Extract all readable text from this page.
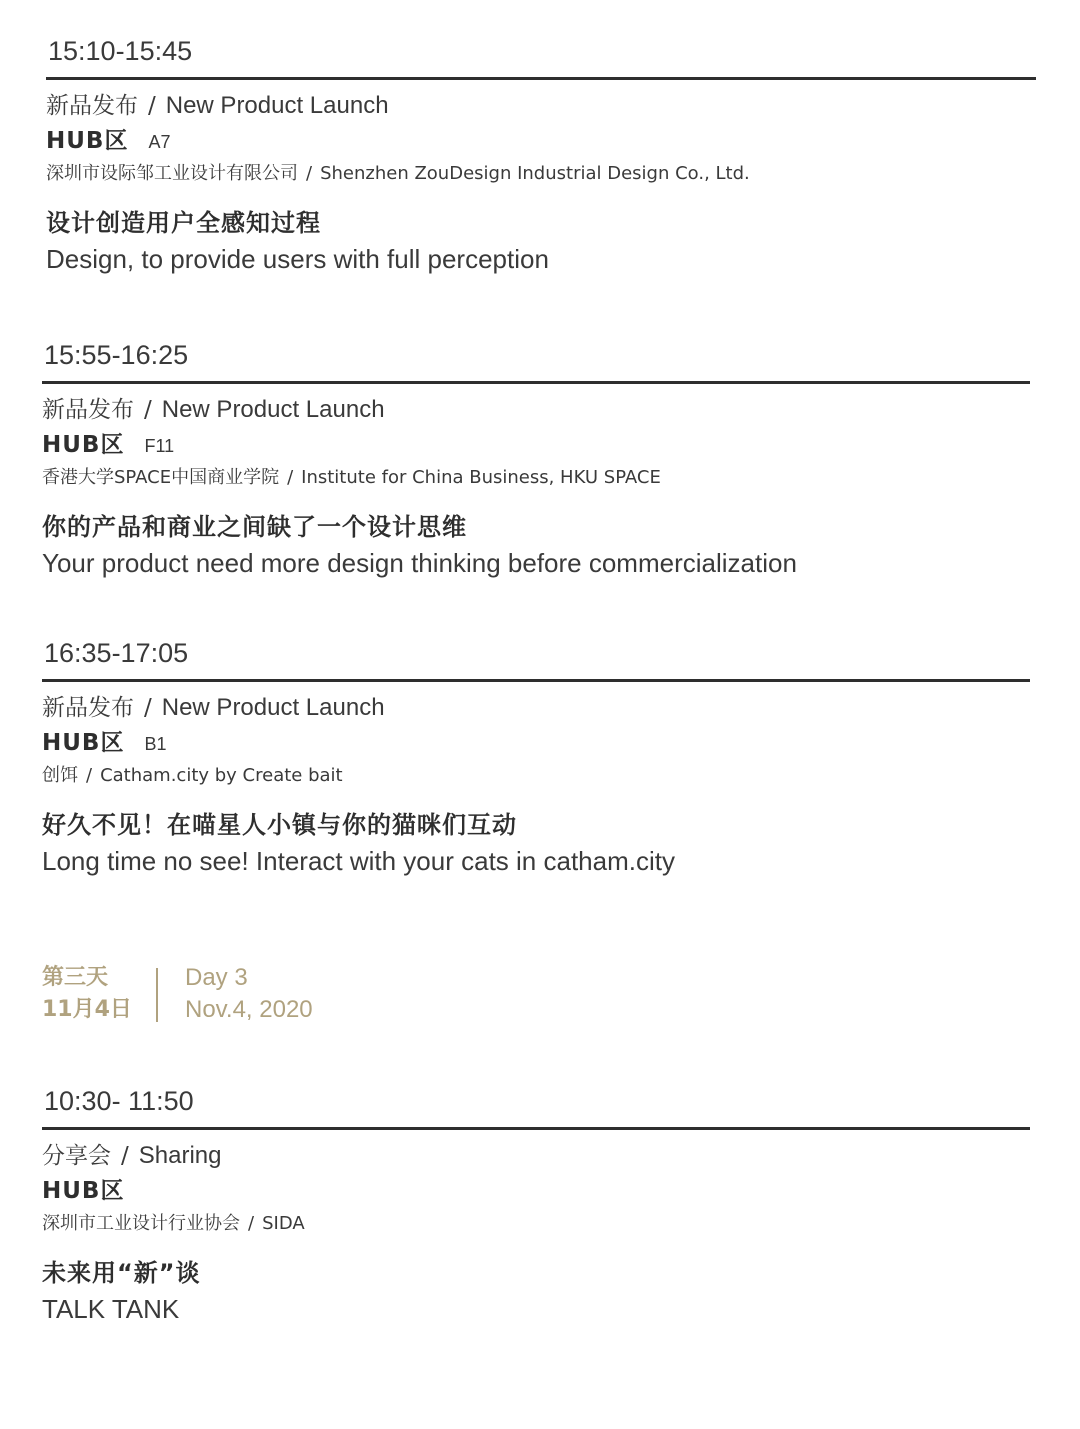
15:10-15:45
新品发布 / New Product Launch
HUB区 A7
深圳市设际邹工业设计有限公司 / Shenzhen ZouDesign Industrial Design Co., Ltd.
设计创造用户全感知过程
Design, to provide users with full perception
15:55-16:25
新品发布 / New Product Launch
HUB区 F11
香港大学SPACE中国商业学院 / Institute for China Business, HKU SPACE
你的产品和商业之间缺了一个设计思维
Your product need more design thinking before commercialization
16:35-17:05
新品发布 / New Product Launch
HUB区 B1
创饵 / Catham.city by Create bait
好久不见！在喵星人小镇与你的猫咪们互动
Long time no see! Interact with your cats in catham.city
第三天
11月4日
Day 3
Nov.4, 2020
10:30- 11:50
分享会 / Sharing
HUB区
深圳市工业设计行业协会 / SIDA
未来用“新”谈
TALK TANK
